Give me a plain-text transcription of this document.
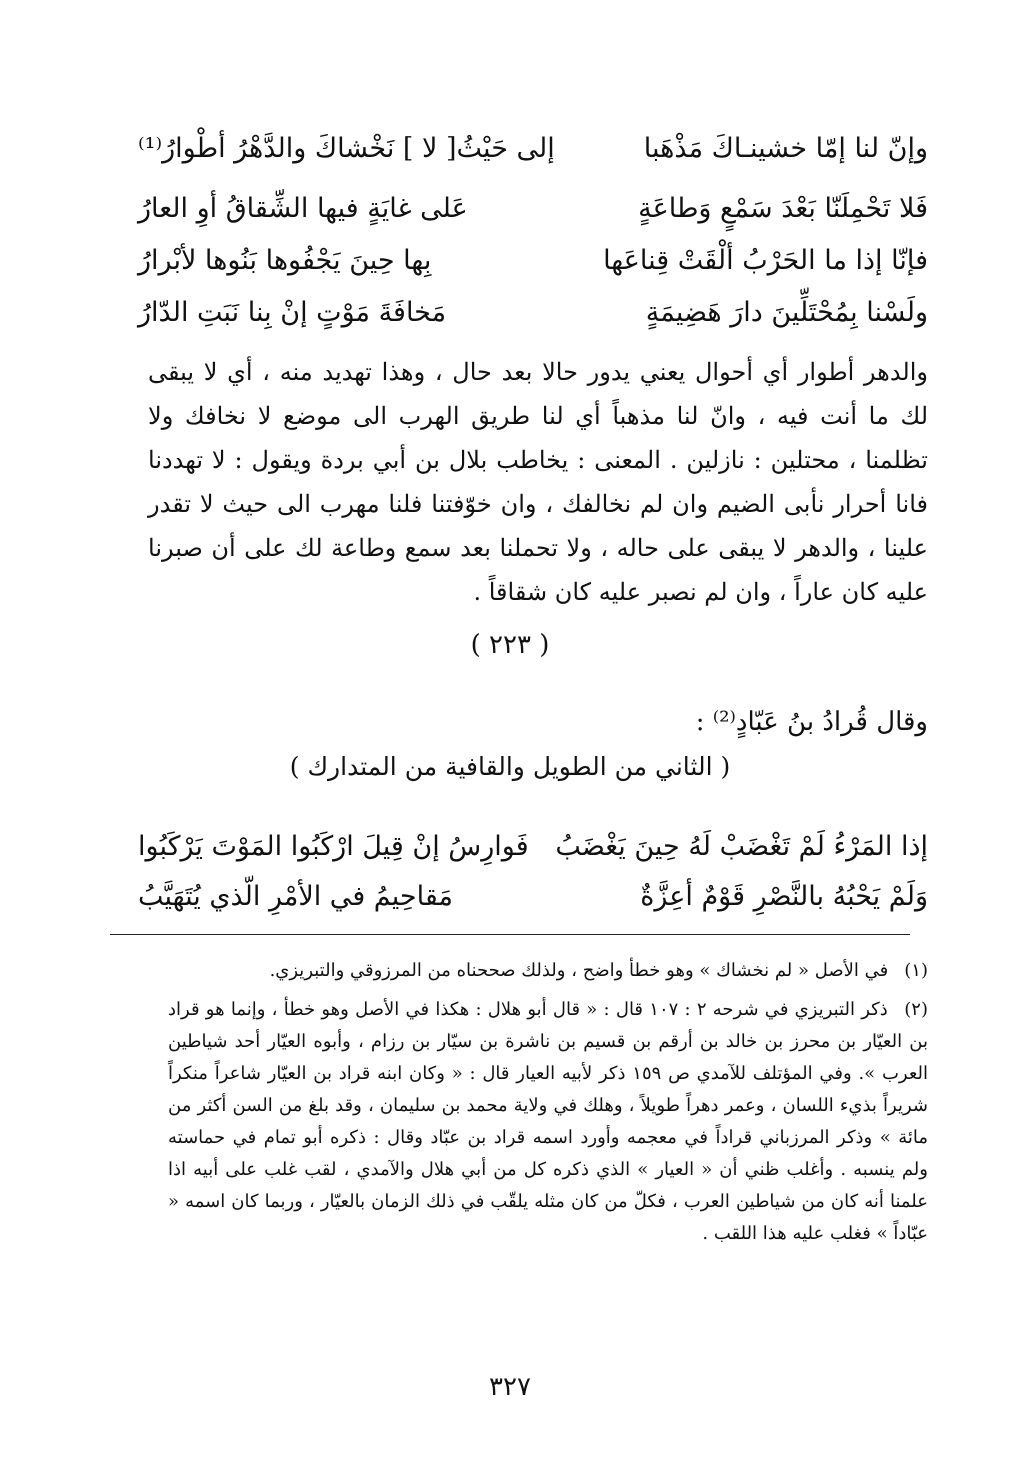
وإنّ لنا إمّا خشينـاكَ مَذْهَبا
إلى حَيْثُ[ لا ] نَخْشاكَ والدَّهْرُ أطْوارُ⁽¹⁾
فَلا تَحْمِلَنّا بَعْدَ سَمْعٍ وَطاعَةٍ
عَلى غايَةٍ فيها الشِّقاقُ أوِ العارُ
فإنّا إذا ما الحَرْبُ ألْقَتْ قِناعَها
بِها حِينَ يَجْفُوها بَنُوها لأبْرارُ
ولَسْنا بِمُحْتَلِّينَ دارَ هَضِيمَةٍ
مَخافَةَ مَوْتٍ إنْ بِنا نَبَتِ الدّارُ
والدهر أطوار أي أحوال يعني يدور حالا بعد حال ، وهذا تهديد منه ، أي لا يبقى لك ما أنت فيه ، وانّ لنا مذهباً أي لنا طريق الهرب الى موضع لا نخافك ولا تظلمنا ، محتلين : نازلين . المعنى : يخاطب بلال بن أبي بردة ويقول : لا تهددنا فانا أحرار نأبى الضيم وان لم نخالفك ، وان خوّفتنا فلنا مهرب الى حيث لا تقدر علينا ، والدهر لا يبقى على حاله ، ولا تحملنا بعد سمع وطاعة لك على أن صبرنا عليه كان عاراً ، وان لم نصبر عليه كان شقاقاً .
( ٢٢٣ )
وقال قُرادُ بنُ عَبّادٍ⁽²⁾ :
( الثاني من الطويل والقافية من المتدارك )
إذا المَرْءُ لَمْ تَغْضَبْ لَهُ حِينَ يَغْضَبُ
فَوارِسُ إنْ قِيلَ ارْكَبُوا المَوْتَ يَرْكَبُوا
وَلَمْ يَحْبُهُ بالنَّصْرِ قَوْمٌ أعِزَّةٌ
مَقاحِيمُ في الأمْرِ الّذي يُتَهَيَّبُ
(١) في الأصل « لم نخشاك » وهو خطأ واضح ، ولذلك صححناه من المرزوقي والتبريزي.
(٢) ذكر التبريزي في شرحه ٢ : ١٠٧ قال : « قال أبو هلال : هكذا في الأصل وهو خطأ ، وإنما هو قراد بن العيّار بن محرز بن خالد بن أرقم بن قسيم بن ناشرة بن سيّار بن رزام ، وأبوه العيّار أحد شياطين العرب ». وفي المؤتلف للآمدي ص ١٥٩ ذكر لأبيه العيار قال : « وكان ابنه قراد بن العيّار شاعراً منكراً شريراً بذيء اللسان ، وعمر دهراً طويلاً ، وهلك في ولاية محمد بن سليمان ، وقد بلغ من السن أكثر من مائة » وذكر المرزباني قراداً في معجمه وأورد اسمه قراد بن عبّاد وقال : ذكره أبو تمام في حماسته ولم ينسبه . وأغلب ظني أن « العيار » الذي ذكره كل من أبي هلال والآمدي ، لقب غلب على أبيه اذا علمنا أنه كان من شياطين العرب ، فكلّ من كان مثله يلقّب في ذلك الزمان بالعيّار ، وربما كان اسمه « عبّاداً » فغلب عليه هذا اللقب .
٣٢٧
